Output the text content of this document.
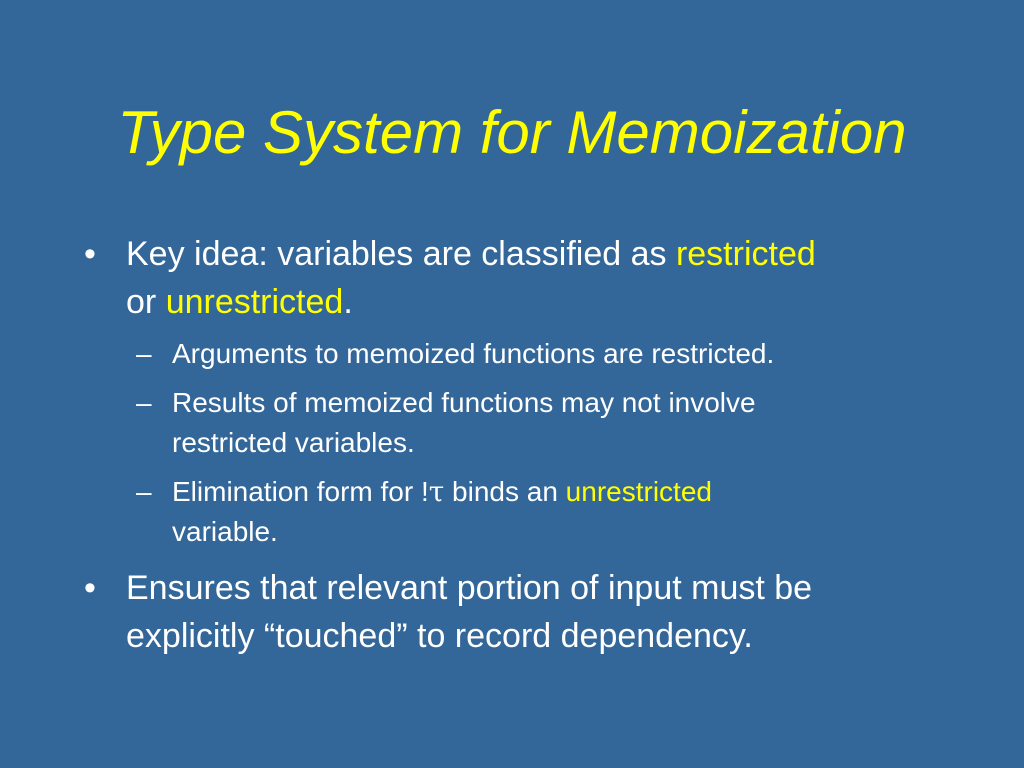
Type System for Memoization
• Key idea: variables are classified as restricted
or unrestricted.
– Arguments to memoized functions are restricted.
– Results of memoized functions may not involve
restricted variables.
– Elimination form for !τ binds an unrestricted
variable.
• Ensures that relevant portion of input must be
explicitly “touched” to record dependency.
